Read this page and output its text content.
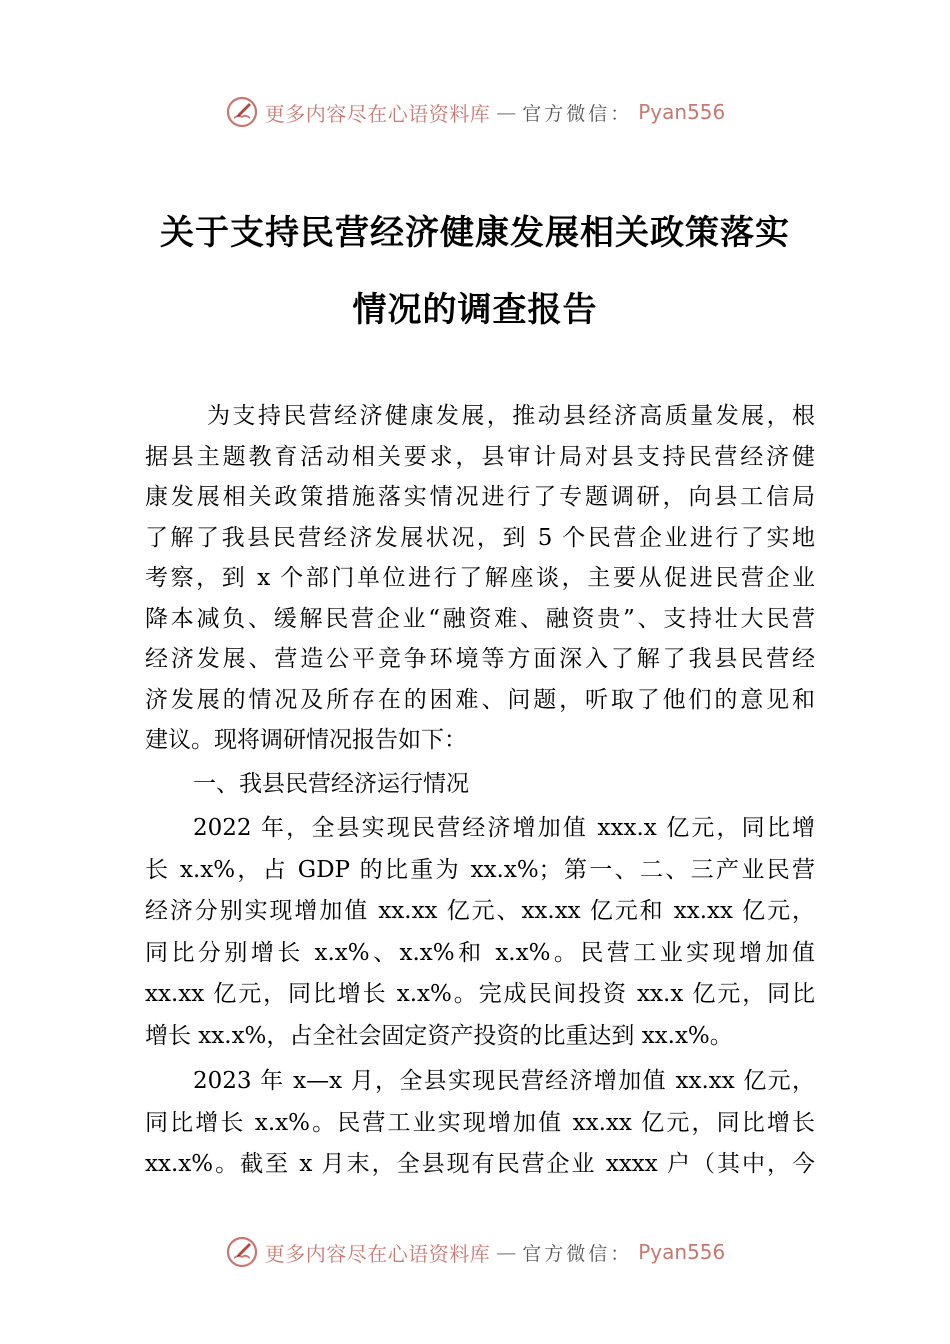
更多内容尽在心语资料库 — 官方微信： Pyan556
关于支持民营经济健康发展相关政策落实
情况的调查报告
为支持民营经济健康发展，推动县经济高质量发展，根
据县主题教育活动相关要求，县审计局对县支持民营经济健
康发展相关政策措施落实情况进行了专题调研，向县工信局
了解了我县民营经济发展状况，到 5 个民营企业进行了实地
考察，到 x 个部门单位进行了解座谈，主要从促进民营企业
降本减负、缓解民营企业“融资难、融资贵”、支持壮大民营
经济发展、营造公平竞争环境等方面深入了解了我县民营经
济发展的情况及所存在的困难、问题，听取了他们的意见和
建议。现将调研情况报告如下：
一、我县民营经济运行情况
2022 年，全县实现民营经济增加值 xxx.x 亿元，同比增
长 x.x%，占 GDP 的比重为 xx.x%；第一、二、三产业民营
经济分别实现增加值 xx.xx 亿元、xx.xx 亿元和 xx.xx 亿元，
同比分别增长 x.x%、x.x%和 x.x%。民营工业实现增加值
xx.xx 亿元，同比增长 x.x%。完成民间投资 xx.x 亿元，同比
增长 xx.x%，占全社会固定资产投资的比重达到 xx.x%。
2023 年 x—x 月，全县实现民营经济增加值 xx.xx 亿元，
同比增长 x.x%。民营工业实现增加值 xx.xx 亿元，同比增长
xx.x%。截至 x 月末，全县现有民营企业 xxxx 户（其中，今
更多内容尽在心语资料库 — 官方微信： Pyan556
